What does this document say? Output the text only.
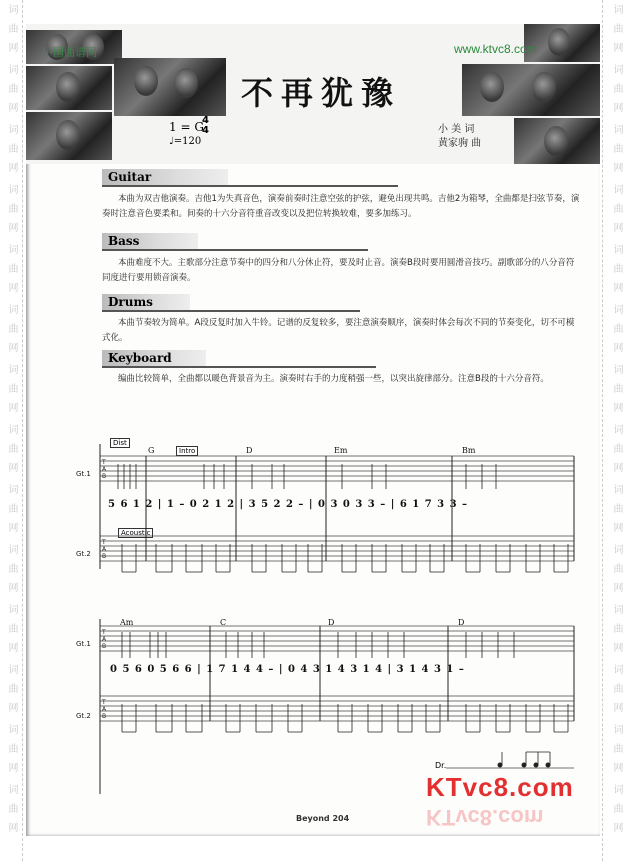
词 曲 网
词 曲 网
词 曲 网
词 曲 网
词 曲 网
词 曲 网
词 曲 网
词 曲 网
词 曲 网
词 曲 网
词 曲 网
词 曲 网
词 曲 网
词 曲 网
词 曲 网
词 曲 网
词 曲 网
词 曲 网
词 曲 网
词 曲 网
词 曲 网
词 曲 网
词 曲 网
词 曲 网
词 曲 网
词 曲 网
词 曲 网
词 曲 网
中国曲谱网	www.ktvc8.com
不再犹豫
1 = G
4
4
♩=120
小 美 词
黄家驹 曲
Guitar
本曲为双吉他演奏。吉他1为失真音色，演奏前奏时注意空弦的护弦，避免出现共鸣。吉他2为箱琴，全曲都是扫弦节奏，演奏时注意音色要柔和。间奏的十六分音符重音改变以及把位转换较难，要多加练习。
Bass
本曲难度不大。主歌部分注意节奏中的四分和八分休止符，要及时止音。演奏B段时要用圆滑音技巧。副歌部分的八分音符同度进行要用锁音演奏。
Drums
本曲节奏较为简单。A段反复时加入牛铃。记谱的反复较多，要注意演奏顺序，演奏时体会每次不同的节奏变化，切不可模式化。
Keyboard
编曲比较简单，全曲都以暖色背景音为主。演奏时右手的力度稍强一些，以突出旋律部分。注意B段的十六分音符。
Dist
Intro
G	D	Em	Bm
Gt.1
5 6 1 2 | 1 – 0 2 1 2 | 3 5 2 2 – | 0 3 0 3 3 – | 6 1 7 3 3 –
Acoustic
Gt.2
Am	C	D	D
Gt.1
0 5 6 0 5 6 6 | 1 7 1 4 4 – | 0 4 3 1 4 3 1 4 | 3 1 4 3 1 –
Gt.2
Dr.
T
A
B
T
A
B
T
A
B
T
A
B
Beyond 204
KTvc8.com
KTvc8.com
